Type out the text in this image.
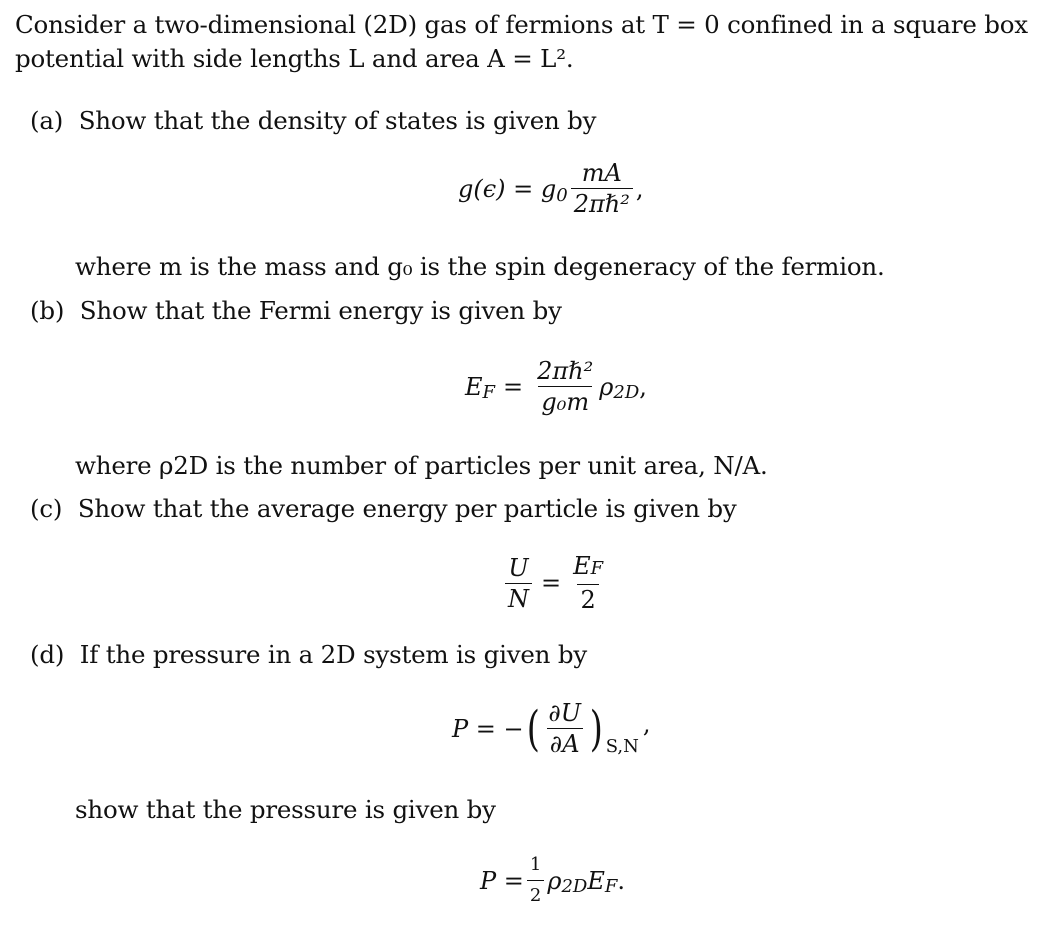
Consider a two-dimensional (2D) gas of fermions at T = 0 confined in a square box
potential with side lengths L and area A = L².
(a) Show that the density of states is given by
g(ϵ) = g $0 \frac{mA}{\text{2πℏ²}}$ ,
where m is the mass and g₀ is the spin degeneracy of the fermion.
(b) Show that the Fermi energy is given by
E $F = \frac{\text{2πℏ²}}{\text{g₀m}}$ ρ 2D ,
where ρ2D is the number of particles per unit area, N/A.
(c) Show that the average energy per particle is given by
$\frac{U}{N} = \frac{EF}{2}$
(d) If the pressure in a 2D system is given by
P = − ( $\frac{\partial U}{\partial A}$ ) S,N
,
show that the pressure is given by
$P = \frac{1}{2}$ ρ 2D E F .
